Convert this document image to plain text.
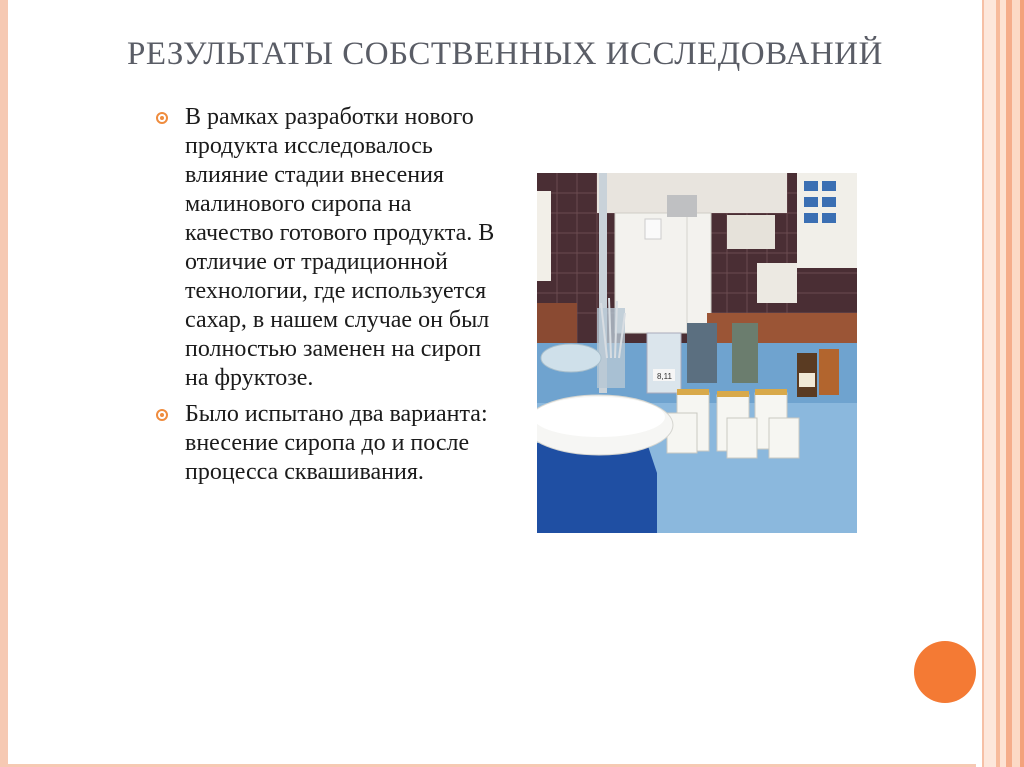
РЕЗУЛЬТАТЫ СОБСТВЕННЫХ ИССЛЕДОВАНИЙ
В рамках разработки нового продукта исследовалось влияние стадии внесения малинового сиропа на качество готового продукта. В отличие от традиционной технологии, где используется сахар, в нашем случае он был полностью заменен на сироп на фруктозе.
Было испытано два варианта: внесение сиропа до и после процесса сквашивания.
8,11
